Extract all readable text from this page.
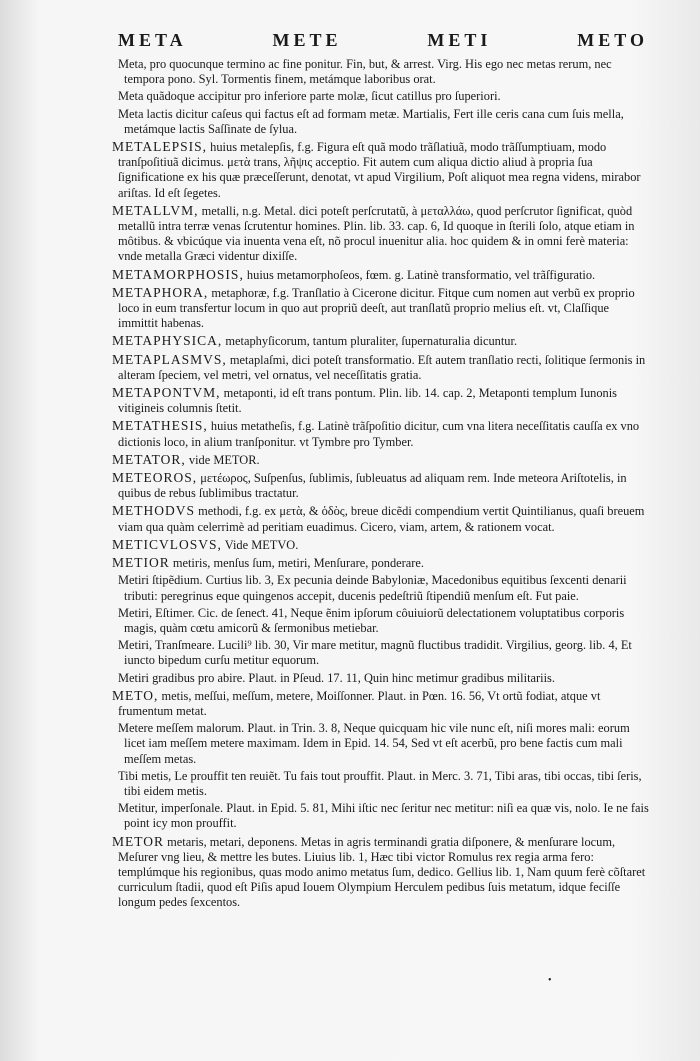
META	METE	METI	METO
Meta, pro quocunque termino ac fine ponitur. Fin, but, & arrest. Virg. His ego nec metas rerum, nec tempora pono. Syl. Tormentis finem, metámque laboribus orat.
Meta quãdoque accipitur pro inferiore parte molæ, ſicut catillus pro ſuperiori.
Meta lactis dicitur caſeus qui factus eſt ad formam metæ. Martialis, Fert ille ceris cana cum ſuis mella, metámque lactis Saſſinate de ſylua.
METALEPSIS, huius metalepſis, f.g. Figura eſt quã modo trãſlatiuã, modo trãſſumptiuam, modo tranſpoſitiuã dicimus. μετὰ trans, λῆψις acceptio. Fit autem cum aliqua dictio aliud à propria ſua ſignificatione ex his quæ præceſſerunt, denotat, vt apud Virgilium, Poſt aliquot mea regna videns, mirabor ariſtas. Id eſt ſegetes.
METALLVM, metalli, n.g. Metal. dici poteſt perſcrutatũ, à μεταλλάω, quod perſcrutor ſignificat, quòd metallũ intra terræ venas ſcrutentur homines. Plin. lib. 33. cap. 6, Id quoque in ſterili ſolo, atque etiam in môtibus. & vbicúque via inuenta vena eſt, nõ procul inuenitur alia. hoc quidem & in omni ferè materia: vnde metalla Græci videntur dixiſſe.
METAMORPHOSIS, huius metamorphoſeos, fœm. g. Latinè transformatio, vel trãſfiguratio.
METAPHORA, metaphoræ, f.g. Tranſlatio à Cicerone dicitur. Fitque cum nomen aut verbũ ex proprio loco in eum transfertur locum in quo aut propriũ deeſt, aut tranſlatũ proprio melius eſt. vt, Claſſique immittit habenas.
METAPHYSICA, metaphyſicorum, tantum pluraliter, ſupernaturalia dicuntur.
METAPLASMVS, metaplaſmi, dici poteſt transformatio. Eſt autem tranſlatio recti, ſolitique ſermonis in alteram ſpeciem, vel metri, vel ornatus, vel neceſſitatis gratia.
METAPONTVM, metaponti, id eſt trans pontum. Plin. lib. 14. cap. 2, Metaponti templum Iunonis vitigineis columnis ſtetit.
METATHESIS, huius metatheſis, f.g. Latinè trãſpoſitio dicitur, cum vna litera neceſſitatis cauſſa ex vno dictionis loco, in alium tranſponitur. vt Tymbre pro Tymber.
METATOR, vide METOR.
METEOROS, μετέωρος, Suſpenſus, ſublimis, ſubleuatus ad aliquam rem. Inde meteora Ariſtotelis, in quibus de rebus ſublimibus tractatur.
METHODVS methodi, f.g. ex μετὰ, & ὁδὸς, breue dicẽdi compendium vertit Quintilianus, quaſi breuem viam qua quàm celerrimè ad peritiam euadimus. Cicero, viam, artem, & rationem vocat.
METICVLOSVS, Vide METVO.
METIOR metiris, menſus ſum, metiri, Menſurare, ponderare.
Metiri ſtipẽdium. Curtius lib. 3, Ex pecunia deinde Babyloniæ, Macedonibus equitibus ſexcenti denarii tributi: peregrinus eque quingenos accepit, ducenis pedeſtriũ ſtipendiũ menſum eſt. Fut paie.
Metiri, Eſtimer. Cic. de ſeneƈt. 41, Neque ẽnim ipſorum côuiuiorũ delectationem voluptatibus corporis magis, quàm cœtu amicorũ & ſermonibus metiebar.
Metiri, Tranſmeare. Lucili⁹ lib. 30, Vir mare metitur, magnũ fluctibus tradidit. Virgilius, georg. lib. 4, Et iuncto bipedum curſu metitur equorum.
Metiri gradibus pro abire. Plaut. in Pſeud. 17. 11, Quin hinc metimur gradibus militariis.
METO, metis, meſſui, meſſum, metere, Moiſſonner. Plaut. in Pœn. 16. 56, Vt ortũ fodiat, atque vt frumentum metat.
Metere meſſem malorum. Plaut. in Trin. 3. 8, Neque quicquam hic vile nunc eſt, niſi mores mali: eorum licet iam meſſem metere maximam. Idem in Epid. 14. 54, Sed vt eſt acerbũ, pro bene factis cum mali meſſem metas.
Tibi metis, Le prouffit ten reuiẽt. Tu fais tout prouffit. Plaut. in Merc. 3. 71, Tibi aras, tibi occas, tibi ſeris, tibi eidem metis.
Metitur, imperſonale. Plaut. in Epid. 5. 81, Mihi iſtic nec ſeritur nec metitur: niſi ea quæ vis, nolo. Ie ne fais point icy mon prouffit.
METOR metaris, metari, deponens. Metas in agris terminandi gratia diſponere, & menſurare locum, Meſurer vng lieu, & mettre les butes. Liuius lib. 1, Hæc tibi victor Romulus rex regia arma fero: templúmque his regionibus, quas modo animo metatus ſum, dedico. Gellius lib. 1, Nam quum ferè cõſtaret curriculum ſtadii, quod eſt Piſis apud Iouem Olympium Herculem pedibus ſuis metatum, idque feciſſe longum pedes ſexcentos.
•
